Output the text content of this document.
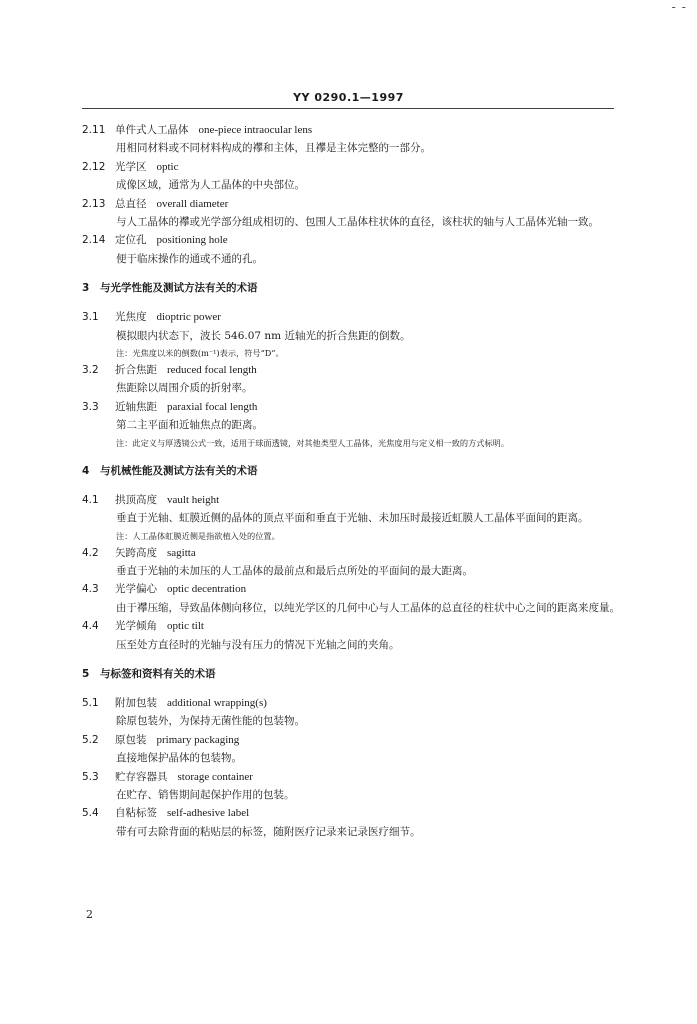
- -
YY 0290.1—1997
2.11 单件式人工晶体 one-piece intraocular lens
用相同材料或不同材料构成的襻和主体，且襻是主体完整的一部分。
2.12 光学区 optic
成像区域，通常为人工晶体的中央部位。
2.13 总直径 overall diameter
与人工晶体的襻或光学部分组成相切的、包围人工晶体柱状体的直径，该柱状的轴与人工晶体光轴一致。
2.14 定位孔 positioning hole
便于临床操作的通或不通的孔。
3	与光学性能及测试方法有关的术语
3.1	光焦度 dioptric power
模拟眼内状态下，波长 546.07 nm 近轴光的折合焦距的倒数。
注：光焦度以米的倒数(m⁻¹)表示，符号“D”。
3.2	折合焦距 reduced focal length
焦距除以周围介质的折射率。
3.3	近轴焦距 paraxial focal length
第二主平面和近轴焦点的距离。
注：此定义与厚透镜公式一致，适用于球面透镜，对其他类型人工晶体，光焦度用与定义相一致的方式标明。
4	与机械性能及测试方法有关的术语
4.1	拱顶高度 vault height
垂直于光轴、虹膜近侧的晶体的顶点平面和垂直于光轴、未加压时最接近虹膜人工晶体平面间的距离。
注：人工晶体虹膜近侧是指欲植入处的位置。
4.2	矢跨高度 sagitta
垂直于光轴的未加压的人工晶体的最前点和最后点所处的平面间的最大距离。
4.3	光学偏心 optic decentration
由于襻压缩，导致晶体侧向移位，以纯光学区的几何中心与人工晶体的总直径的柱状中心之间的距离来度量。
4.4	光学倾角 optic tilt
压至处方直径时的光轴与没有压力的情况下光轴之间的夹角。
5	与标签和资料有关的术语
5.1	附加包装 additional wrapping(s)
除原包装外，为保持无菌性能的包装物。
5.2	原包装 primary packaging
直接地保护晶体的包装物。
5.3	贮存容器具 storage container
在贮存、销售期间起保护作用的包装。
5.4	自粘标签 self-adhesive label
带有可去除背面的粘贴层的标签，随附医疗记录来记录医疗细节。
2
